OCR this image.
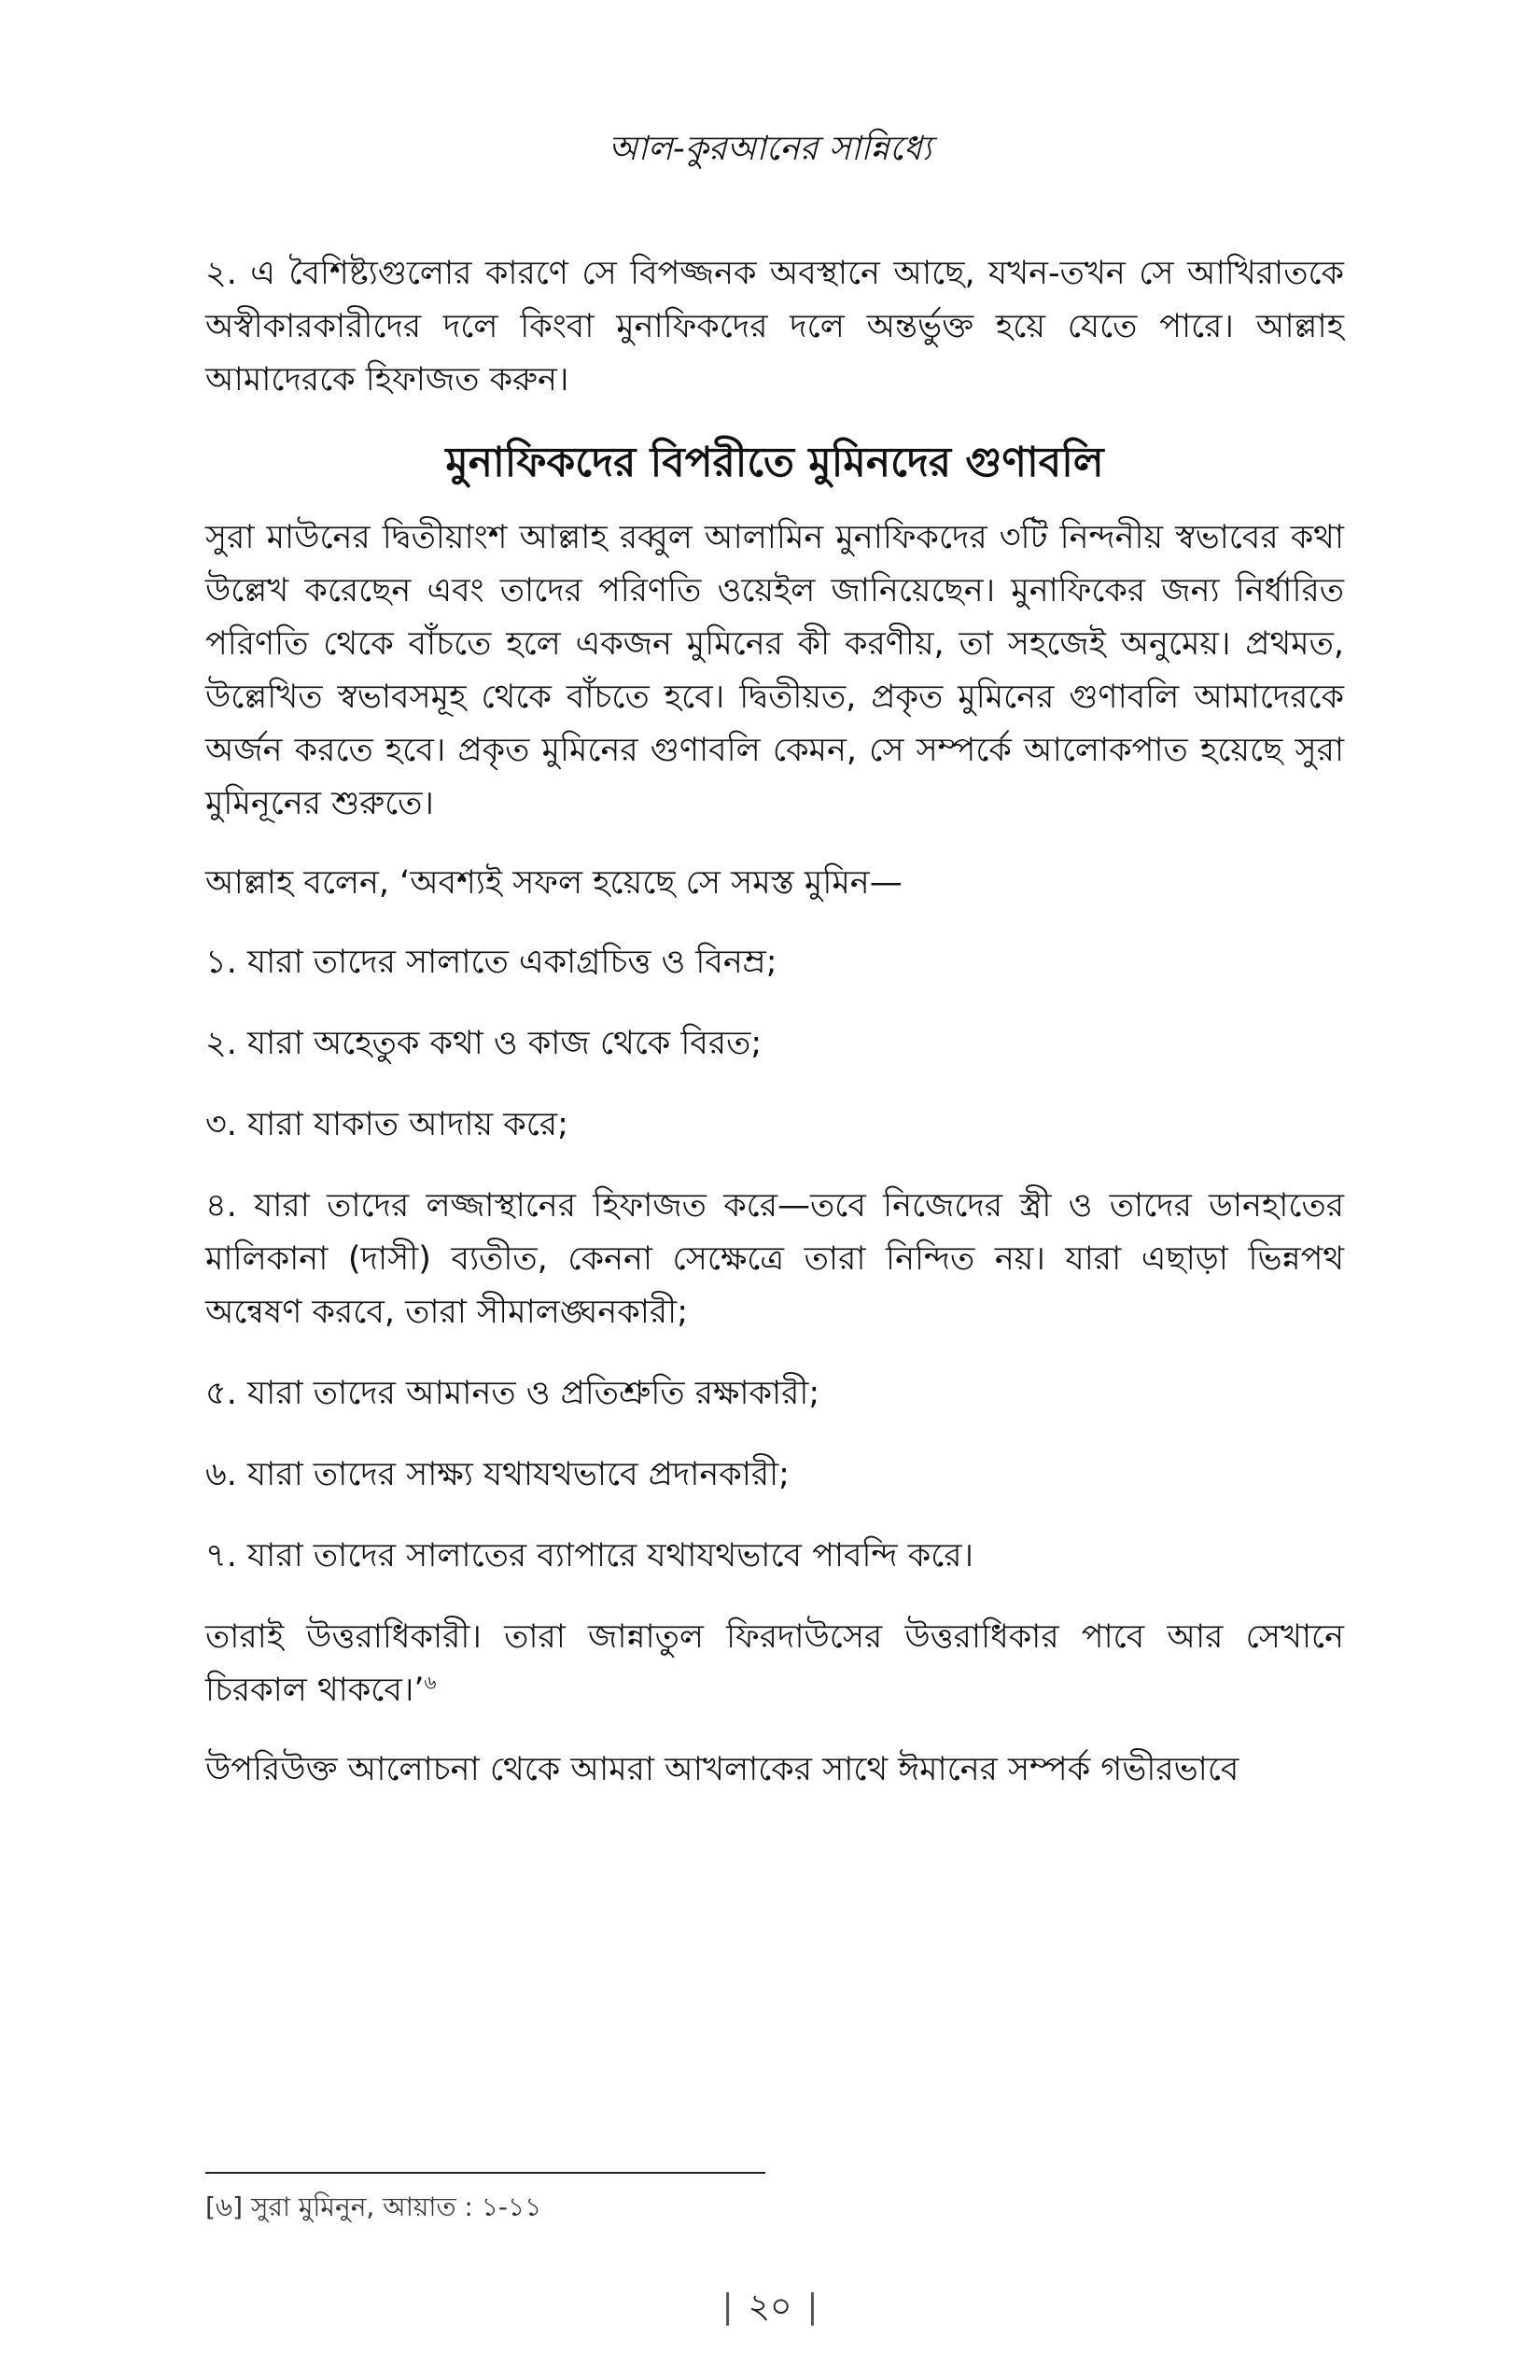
আল-কুরআনের সান্নিধ্যে

২. এ বৈশিষ্ট্যগুলোর কারণে সে বিপজ্জনক অবস্থানে আছে, যখন-তখন সে আখিরাতকে অস্বীকারকারীদের দলে কিংবা মুনাফিকদের দলে অন্তর্ভুক্ত হয়ে যেতে পারে। আল্লাহ আমাদেরকে হিফাজত করুন।

মুনাফিকদের বিপরীতে মুমিনদের গুণাবলি

সুরা মাউনের দ্বিতীয়াংশ আল্লাহ রব্বুল আলামিন মুনাফিকদের ৩টি নিন্দনীয় স্বভাবের কথা উল্লেখ করেছেন এবং তাদের পরিণতি ওয়েইল জানিয়েছেন। মুনাফিকের জন্য নির্ধারিত পরিণতি থেকে বাঁচতে হলে একজন মুমিনের কী করণীয়, তা সহজেই অনুমেয়। প্রথমত, উল্লেখিত স্বভাবসমূহ থেকে বাঁচতে হবে। দ্বিতীয়ত, প্রকৃত মুমিনের গুণাবলি আমাদেরকে অর্জন করতে হবে। প্রকৃত মুমিনের গুণাবলি কেমন, সে সম্পর্কে আলোকপাত হয়েছে সুরা মুমিনূনের শুরুতে।

আল্লাহ বলেন, ‘অবশ্যই সফল হয়েছে সে সমস্ত মুমিন—

১. যারা তাদের সালাতে একাগ্রচিত্ত ও বিনম্র;

২. যারা অহেতুক কথা ও কাজ থেকে বিরত;

৩. যারা যাকাত আদায় করে;

৪. যারা তাদের লজ্জাস্থানের হিফাজত করে—তবে নিজেদের স্ত্রী ও তাদের ডানহাতের মালিকানা (দাসী) ব্যতীত, কেননা সেক্ষেত্রে তারা নিন্দিত নয়। যারা এছাড়া ভিন্নপথ অন্বেষণ করবে, তারা সীমালঙ্ঘনকারী;

৫. যারা তাদের আমানত ও প্রতিশ্রুতি রক্ষাকারী;

৬. যারা তাদের সাক্ষ্য যথাযথভাবে প্রদানকারী;

৭. যারা তাদের সালাতের ব্যাপারে যথাযথভাবে পাবন্দি করে।

তারাই উত্তরাধিকারী। তারা জান্নাতুল ফিরদাউসের উত্তরাধিকার পাবে আর সেখানে চিরকাল থাকবে।’$^৬$

উপরিউক্ত আলোচনা থেকে আমরা আখলাকের সাথে ঈমানের সম্পর্ক গভীরভাবে

[৬] সুরা মুমিনুন, আয়াত : ১-১১
| ২০ |
